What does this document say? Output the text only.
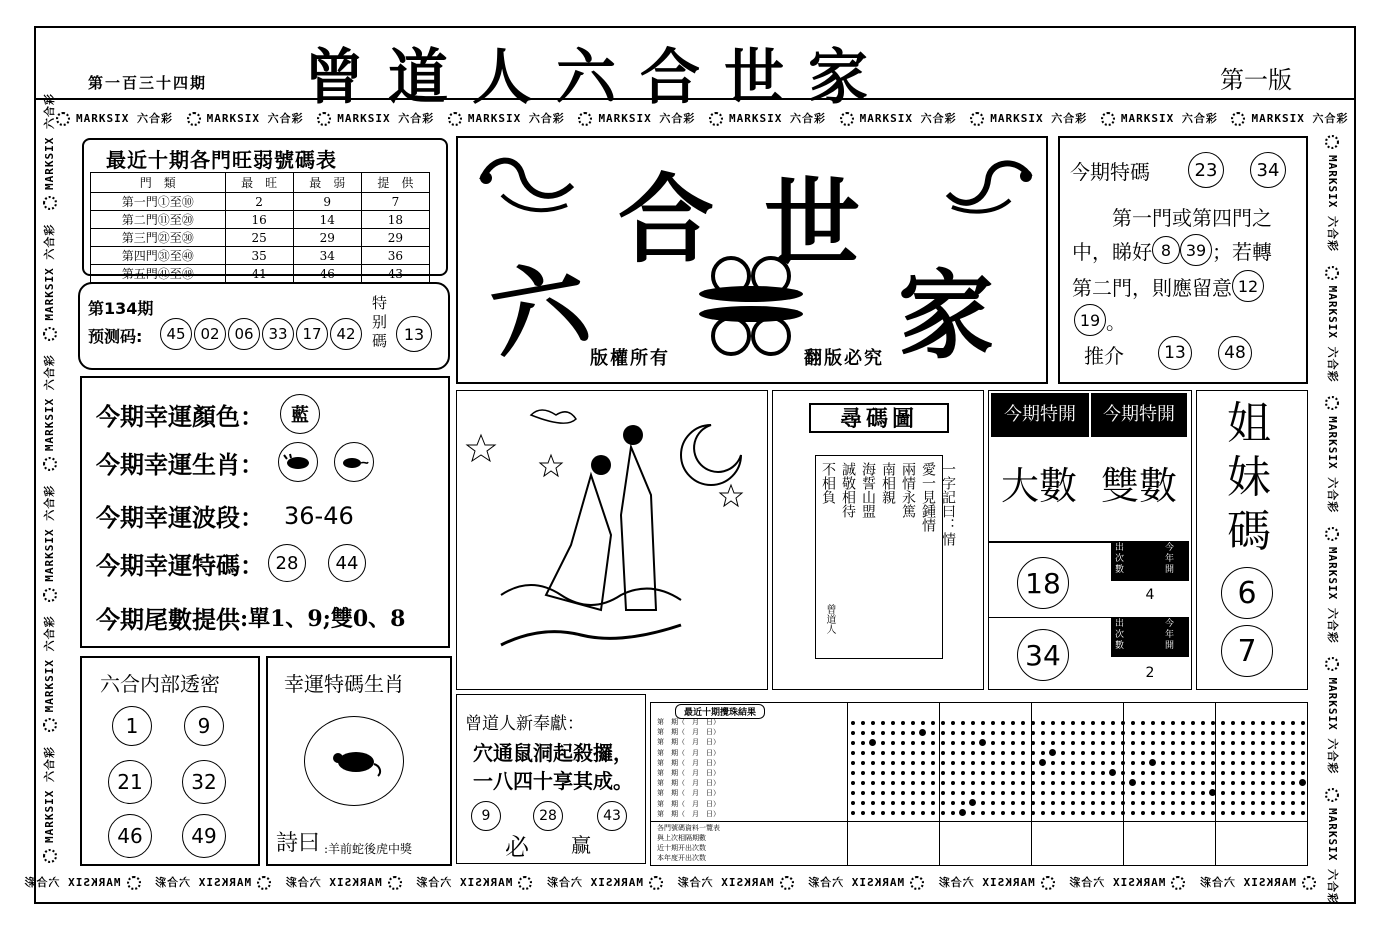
第一百三十四期 曾道人六合世家	第一版
MARKSIX 六合彩	MARKSIX 六合彩	MARKSIX 六合彩	MARKSIX 六合彩	MARKSIX 六合彩	MARKSIX 六合彩	MARKSIX 六合彩	MARKSIX 六合彩	MARKSIX 六合彩	MARKSIX 六合彩
MARKSIX 六合彩 MARKSIX 六合彩 MARKSIX 六合彩 MARKSIX 六合彩 MARKSIX 六合彩 MARKSIX 六合彩 MARKSIX 六合彩 MARKSIX 六合彩 MARKSIX 六合彩 MARKSIX 六合彩
MARKSIX 六合彩 MARKSIX 六合彩 MARKSIX 六合彩 MARKSIX 六合彩 MARKSIX 六合彩 MARKSIX 六合彩
MARKSIX 六合彩 MARKSIX 六合彩 MARKSIX 六合彩 MARKSIX 六合彩 MARKSIX 六合彩 MARKSIX 六合彩
最近十期各門旺弱號碼表
門　類	最　旺	最　弱	提　供
第一門①至⑩	2	9	7
第二門⑪至⑳	16	14	18
第三門㉑至㉚	25	29	29
第四門㉛至㊵	35	34	36
第五門㊶至㊾	41	46	43
第134期
预测码:	45 02 06 33 17 42
特别碼	13 六
合 世
家
版權所有	翻版必究
今期特碼	23	34
第一門或第四門之
中，睇好 8 39 ；若轉
第二門，則應留意 12
19 。
推介	13	48
今期幸運顏色：	藍
今期幸運生肖：
今期幸運波段： 36-46
今期幸運特碼： 28	44
今期尾數提供 :單1、9;雙0、8
六合内部透密
1	9
21	32
46	49
幸運特碼生肖
詩曰 :羊前蛇後虎中獎
尋碼圖
一字記曰：情
愛一見鍾情
兩情永篤
南相親
海誓山盟
誠敬相待
不相負
曾道人
今期特開	今期特開
大數 雙數
18
34
出次數
今年開
4
出次數
今年開
2
姐妹碼
6
7
曾道人新奉獻：
穴通鼠洞起殺攞，
一八四十享其成。
9	28	43
必 赢
最近十期攪珠結果
第　期（　月　日）
第　期（　月　日）
第　期（　月　日）
第　期（　月　日）
第　期（　月　日）
第　期（　月　日）
第　期（　月　日）
第　期（　月　日）
第　期（　月　日）
第　期（　月　日）
各門號碼資料一覽表
與上次相隔期數
近十期开出次数
本年度开出次数
